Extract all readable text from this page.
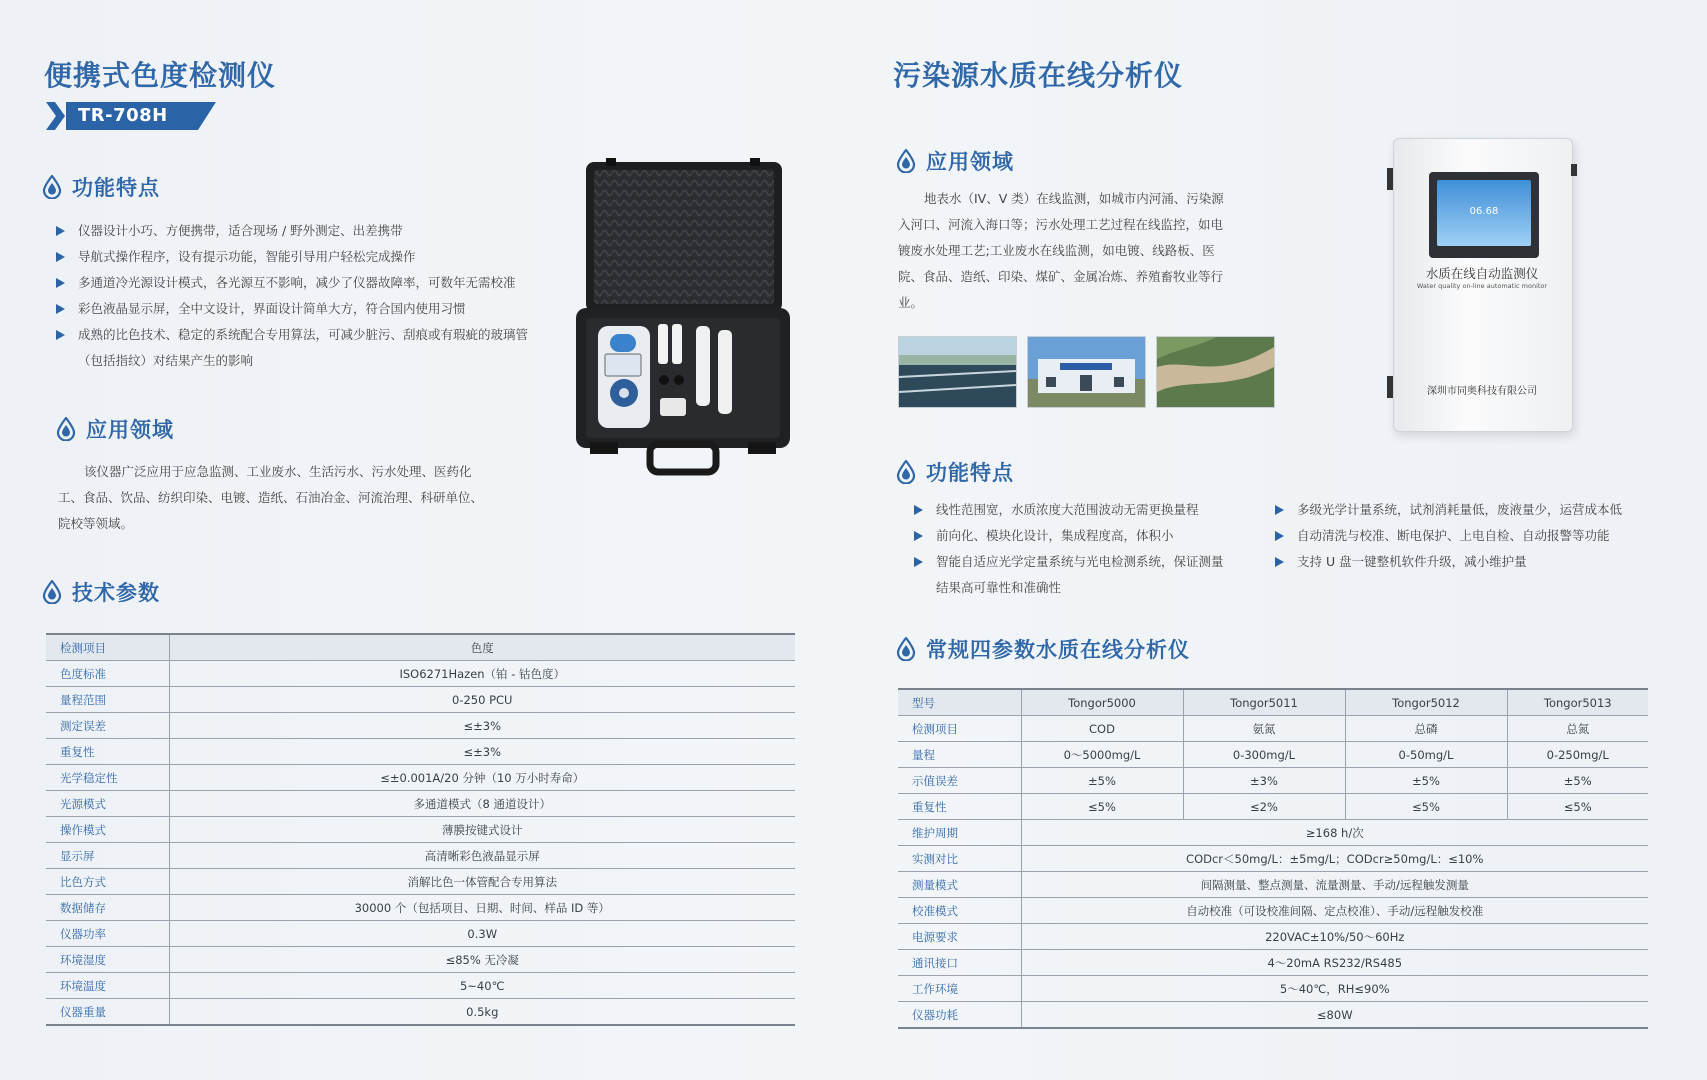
便携式色度检测仪
TR-708H
功能特点
仪器设计小巧、方便携带，适合现场 / 野外测定、出差携带
导航式操作程序，设有提示功能，智能引导用户轻松完成操作
多通道冷光源设计模式，各光源互不影响，减少了仪器故障率，可数年无需校准
彩色液晶显示屏，全中文设计，界面设计简单大方，符合国内使用习惯
成熟的比色技术、稳定的系统配合专用算法，可减少脏污、刮痕或有瑕疵的玻璃管
（包括指纹）对结果产生的影响
应用领域
该仪器广泛应用于应急监测、工业废水、生活污水、污水处理、医药化
工、食品、饮品、纺织印染、电镀、造纸、石油冶金、河流治理、科研单位、
院校等领域。
技术参数
检测项目	色度
色度标准	ISO6271Hazen（铂 - 钴色度）
量程范围	0-250 PCU
测定误差	≤±3%
重复性	≤±3%
光学稳定性	≤±0.001A/20 分钟（10 万小时寿命）
光源模式	多通道模式（8 通道设计）
操作模式	薄膜按键式设计
显示屏	高清晰彩色液晶显示屏
比色方式	消解比色一体管配合专用算法
数据储存	30000 个（包括项目、日期、时间、样品 ID 等）
仪器功率	0.3W
环境湿度	≤85% 无冷凝
环境温度	5~40℃
仪器重量	0.5kg
污染源水质在线分析仪
应用领域
地表水（IV、V 类）在线监测，如城市内河涌、污染源
入河口、河流入海口等；污水处理工艺过程在线监控，如电
镀废水处理工艺;工业废水在线监测，如电镀、线路板、医
院、食品、造纸、印染、煤矿、金属冶炼、养殖畜牧业等行
业。
06.68
水质在线自动监测仪
Water quality on-line automatic monitor
深圳市同奥科技有限公司
功能特点
线性范围宽，水质浓度大范围波动无需更换量程
前向化、模块化设计，集成程度高，体积小
智能自适应光学定量系统与光电检测系统，保证测量
结果高可靠性和准确性
多级光学计量系统，试剂消耗量低，废液量少，运营成本低
自动清洗与校准、断电保护、上电自检、自动报警等功能
支持 U 盘一键整机软件升级，减小维护量
常规四参数水质在线分析仪
型号	Tongor5000	Tongor5011	Tongor5012	Tongor5013
检测项目	COD	氨氮	总磷	总氮
量程	0～5000mg/L	0-300mg/L	0-50mg/L	0-250mg/L
示值误差	±5%	±3%	±5%	±5%
重复性	≤5%	≤2%	≤5%	≤5%
维护周期	≥168 h/次			
实测对比	CODcr＜50mg/L：±5mg/L；CODcr≥50mg/L：≤10%			
测量模式	间隔测量、整点测量、流量测量、手动/远程触发测量			
校准模式	自动校准（可设校准间隔、定点校准）、手动/远程触发校准			
电源要求	220VAC±10%/50～60Hz			
通讯接口	4～20mA RS232/RS485			
工作环境	5～40℃，RH≤90%			
仪器功耗	≤80W			
